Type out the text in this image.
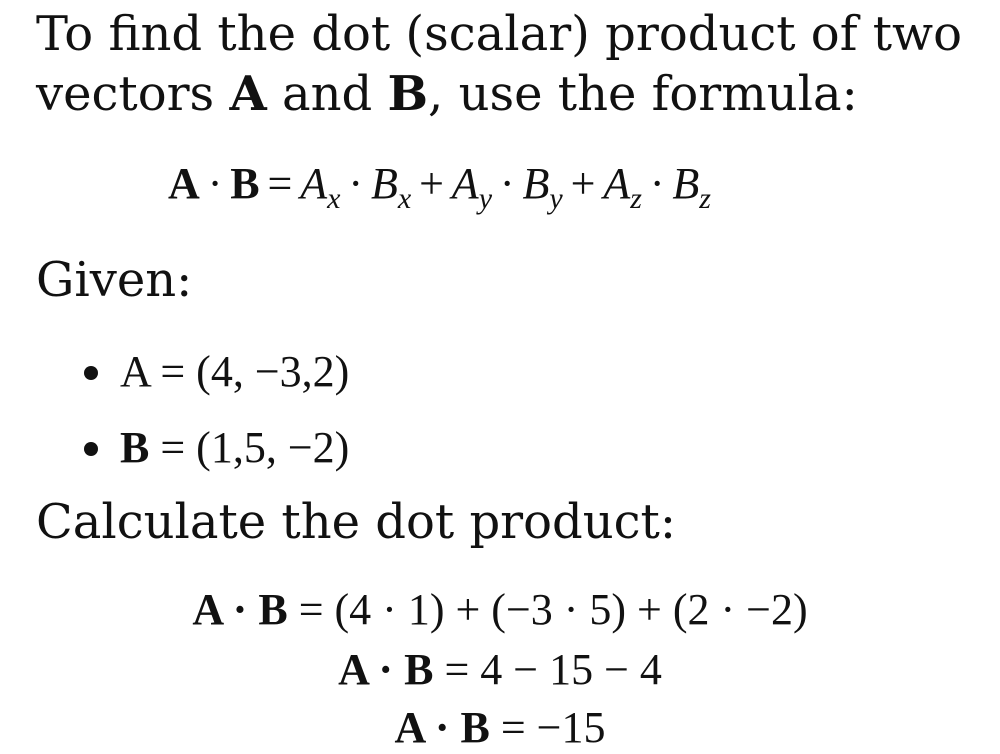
To find the dot (scalar) product of two
vectors A and B, use the formula:
$A \cdot B = A_x \cdot B_x + A_y \cdot B_y + A_z \cdot B_z$
Given:
A = (4, −3,2)
B = (1,5, −2)
Calculate the dot product:
A · B = (4 · 1) + (−3 · 5) + (2 · −2)
A · B = 4 − 15 − 4
A · B = −15
